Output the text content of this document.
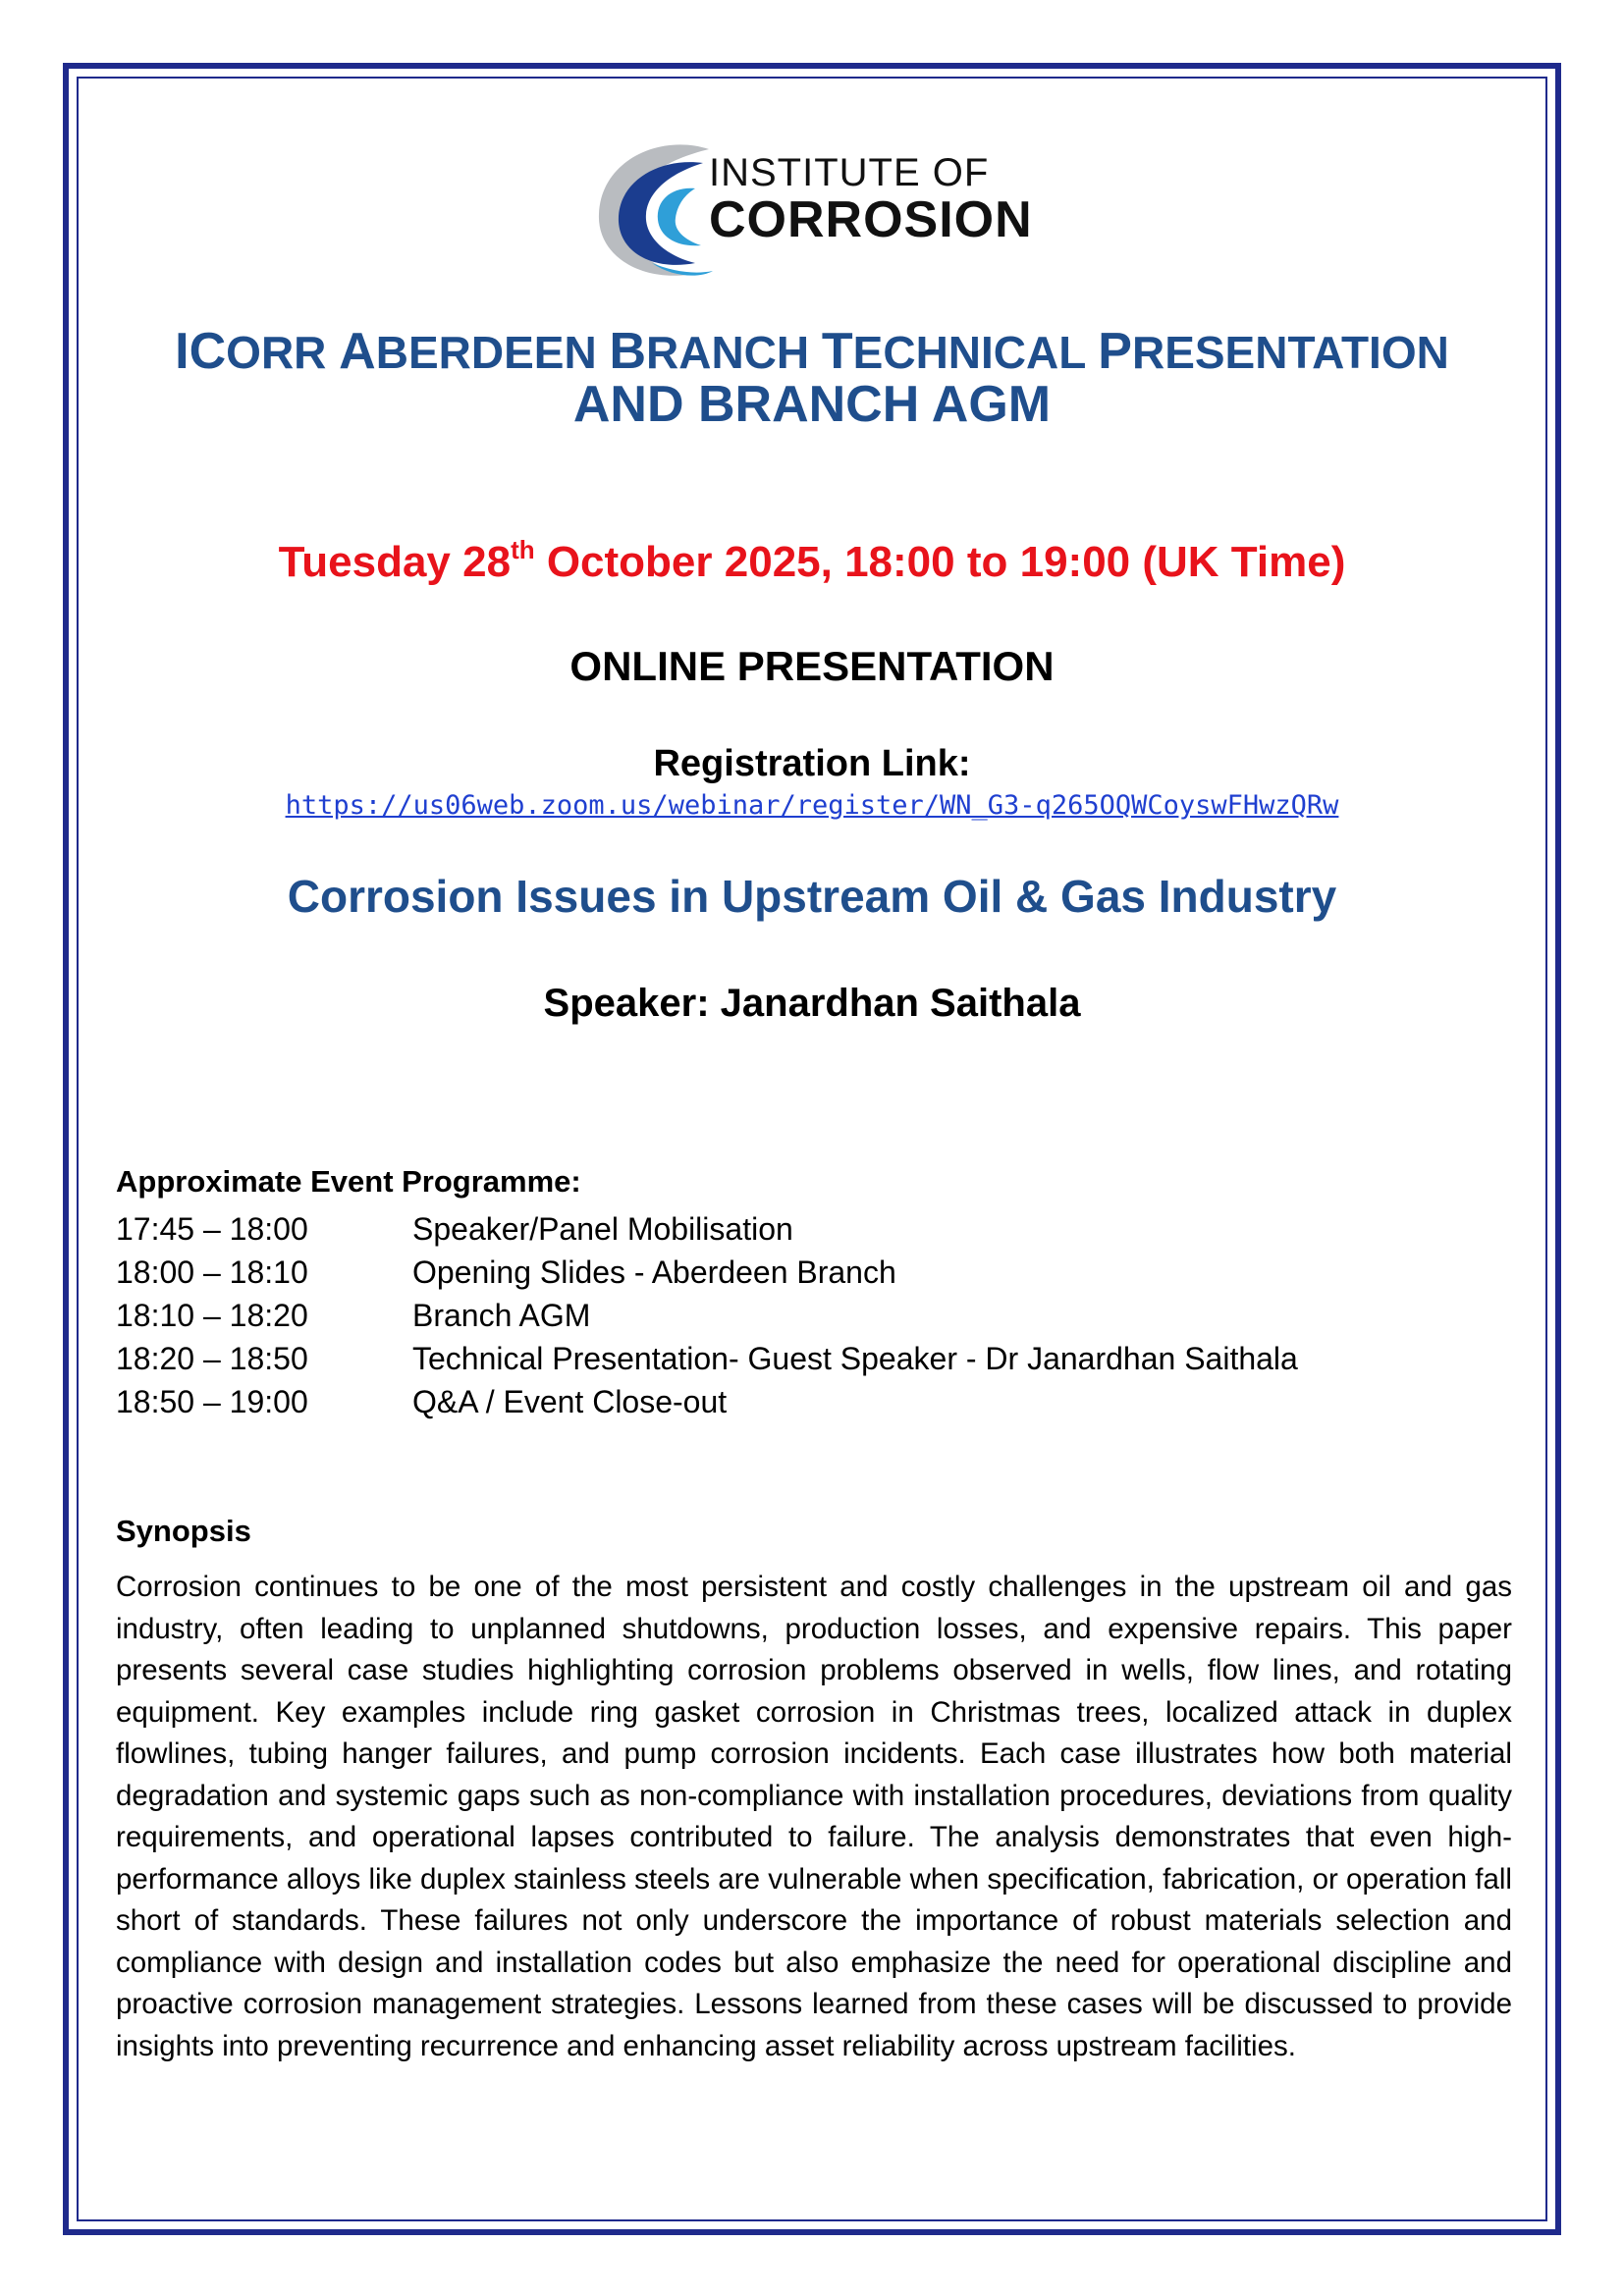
INSTITUTE OF
CORROSION
ICORR ABERDEEN BRANCH TECHNICAL PRESENTATION
AND BRANCH AGM
Tuesday 28th October 2025, 18:00 to 19:00 (UK Time)
ONLINE PRESENTATION
Registration Link:
https://us06web.zoom.us/webinar/register/WN_G3-q265OQWCoyswFHwzQRw
Corrosion Issues in Upstream Oil & Gas Industry
Speaker: Janardhan Saithala
Approximate Event Programme:
17:45 – 18:00	Speaker/Panel Mobilisation
18:00 – 18:10	Opening Slides - Aberdeen Branch
18:10 – 18:20	Branch AGM
18:20 – 18:50	Technical Presentation- Guest Speaker - Dr Janardhan Saithala
18:50 – 19:00	Q&A / Event Close-out
Synopsis
Corrosion continues to be one of the most persistent and costly challenges in the upstream oil and gas industry, often leading to unplanned shutdowns, production losses, and expensive repairs. This paper presents several case studies highlighting corrosion problems observed in wells, flow lines, and rotating equipment. Key examples include ring gasket corrosion in Christmas trees, localized attack in duplex flowlines, tubing hanger failures, and pump corrosion incidents. Each case illustrates how both material degradation and systemic gaps such as non-compliance with installation procedures, deviations from quality requirements, and operational lapses contributed to failure. The analysis demonstrates that even high-performance alloys like duplex stainless steels are vulnerable when specification, fabrication, or operation fall short of standards. These failures not only underscore the importance of robust materials selection and compliance with design and installation codes but also emphasize the need for operational discipline and proactive corrosion management strategies. Lessons learned from these cases will be discussed to provide insights into preventing recurrence and enhancing asset reliability across upstream facilities.
